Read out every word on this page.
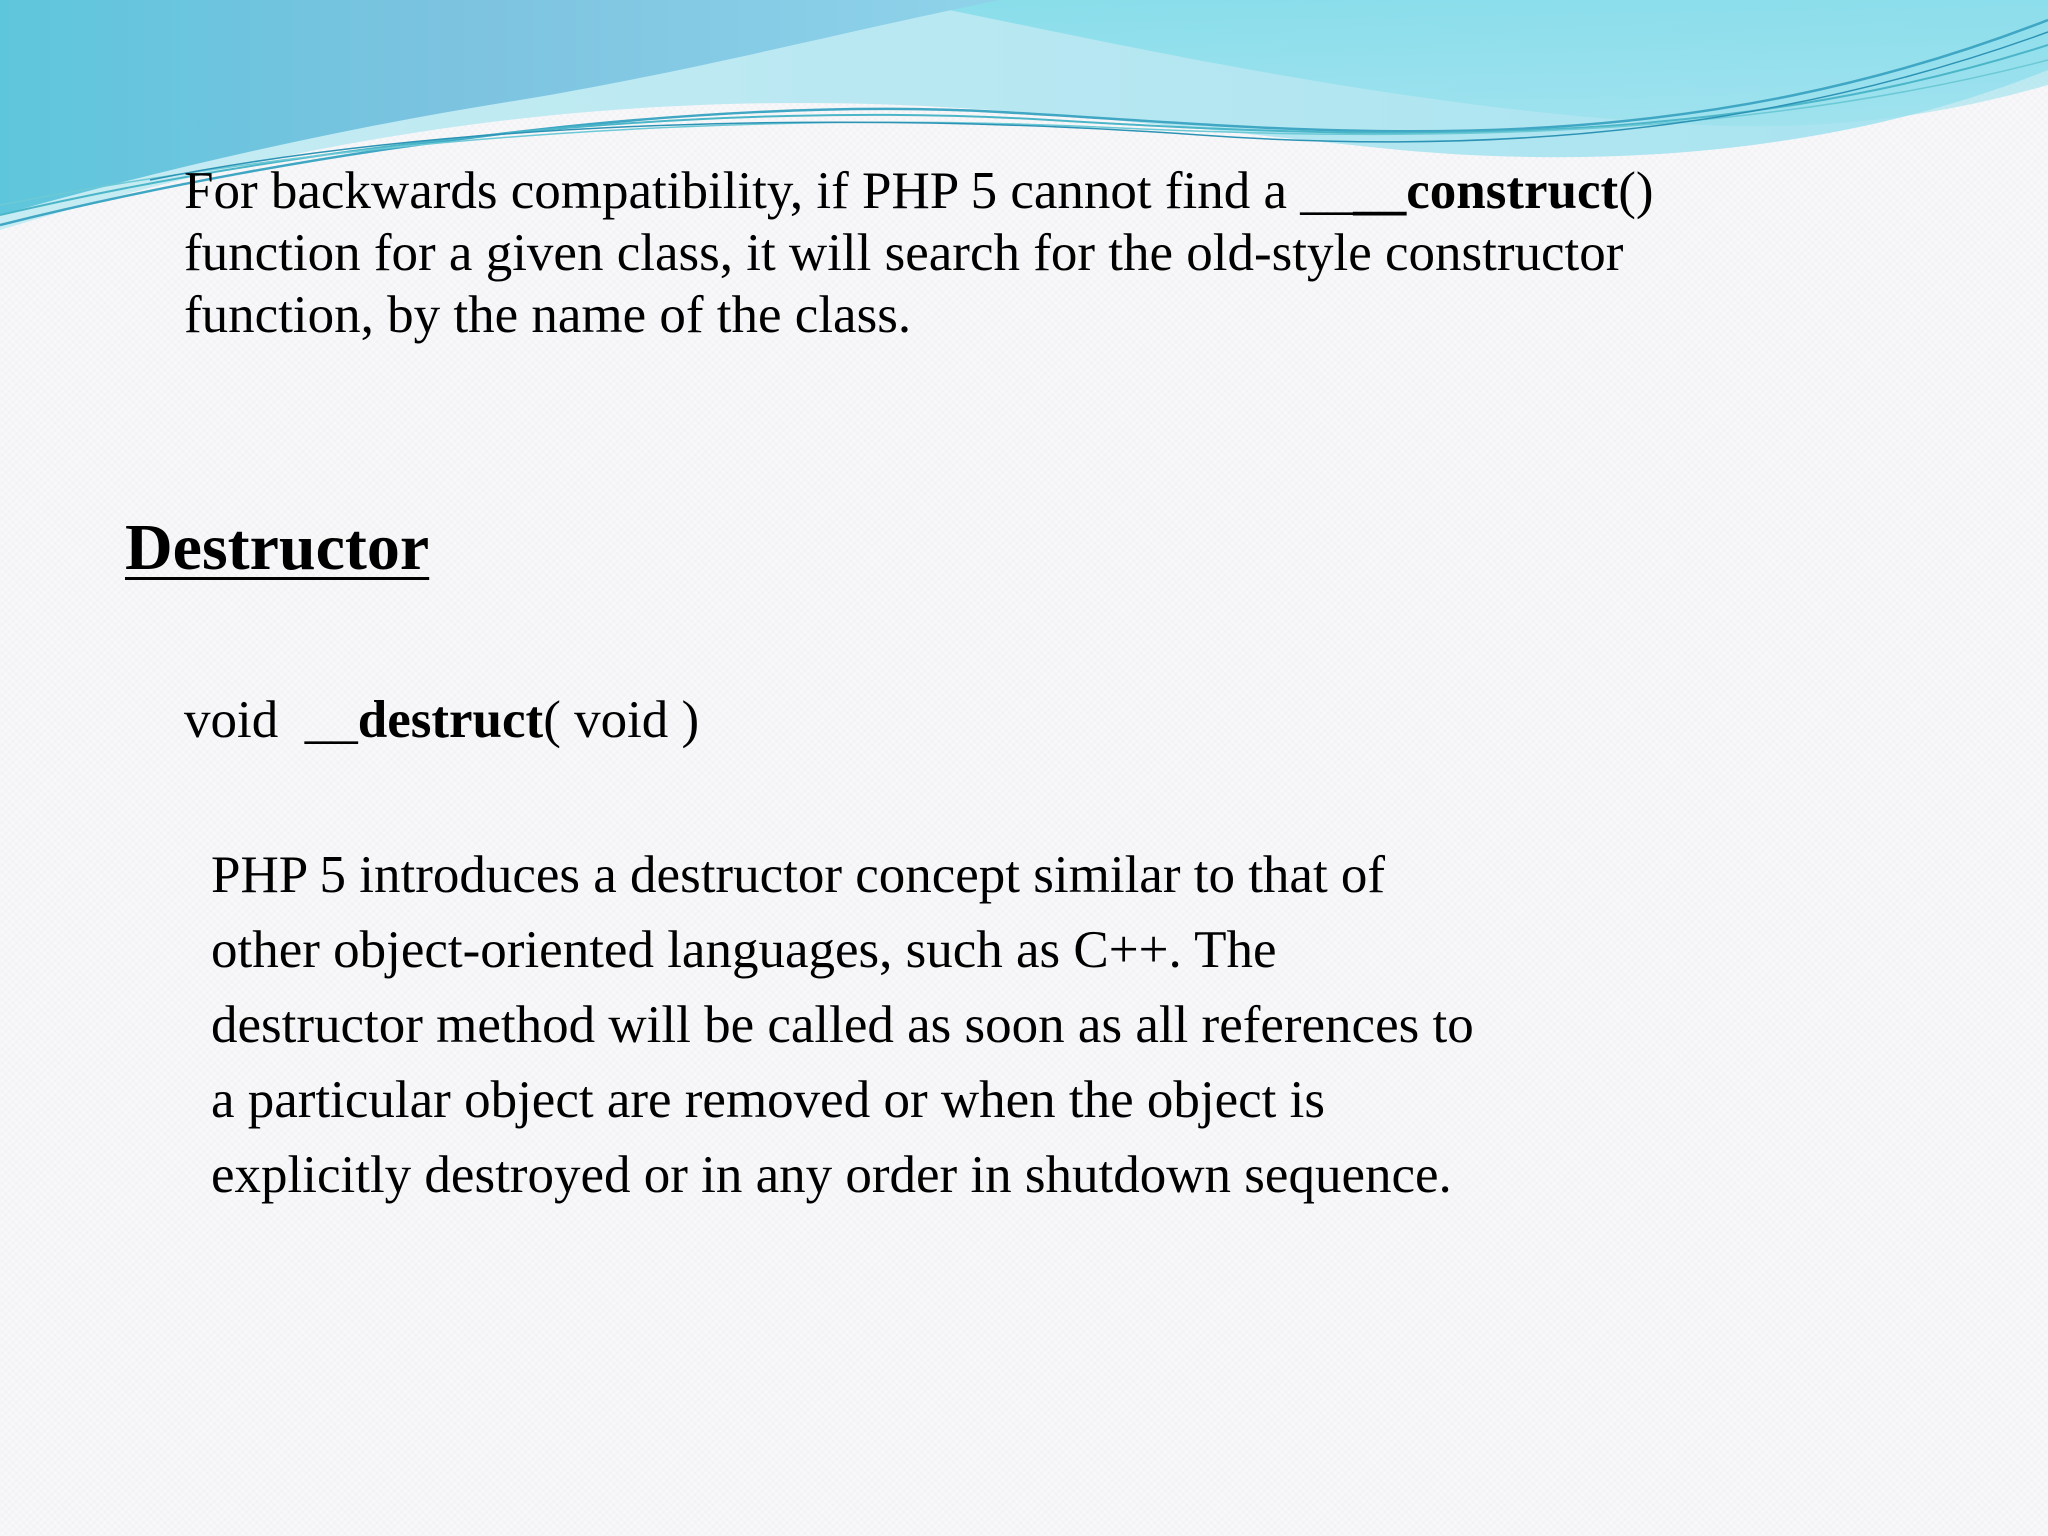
For backwards compatibility, if PHP 5 cannot find a ____construct()
function for a given class, it will search for the old-style constructor
function, by the name of the class.

Destructor

void  __destruct( void )

PHP 5 introduces a destructor concept similar to that of
other object-oriented languages, such as C++. The
destructor method will be called as soon as all references to
a particular object are removed or when the object is
explicitly destroyed or in any order in shutdown sequence.
